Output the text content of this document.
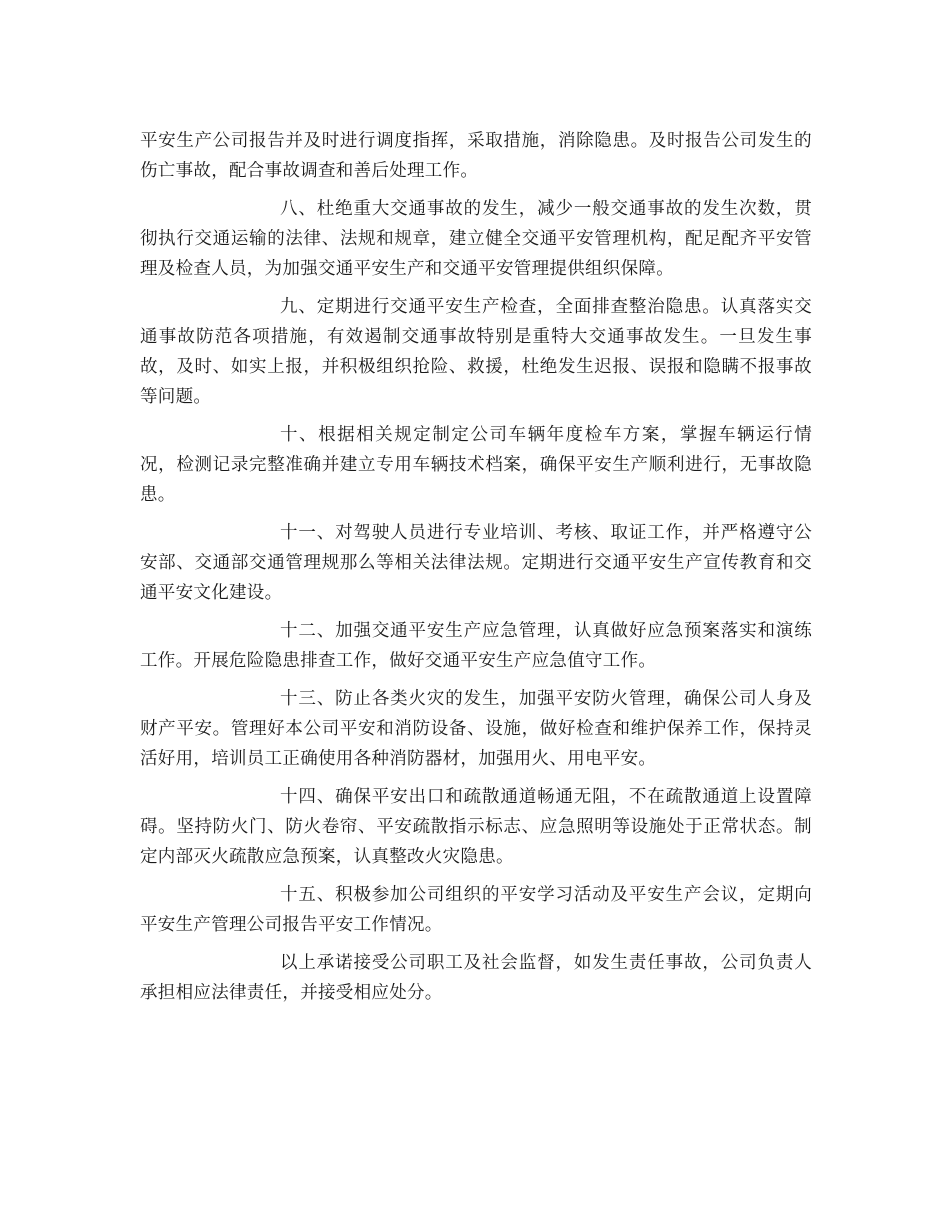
平安生产公司报告并及时进行调度指挥，采取措施，消除隐患。及时报告公司发生的伤亡事故，配合事故调查和善后处理工作。

八、杜绝重大交通事故的发生，减少一般交通事故的发生次数，贯彻执行交通运输的法律、法规和规章，建立健全交通平安管理机构，配足配齐平安管理及检查人员，为加强交通平安生产和交通平安管理提供组织保障。

九、定期进行交通平安生产检查，全面排查整治隐患。认真落实交通事故防范各项措施，有效遏制交通事故特别是重特大交通事故发生。一旦发生事故，及时、如实上报，并积极组织抢险、救援，杜绝发生迟报、误报和隐瞒不报事故等问题。

十、根据相关规定制定公司车辆年度检车方案，掌握车辆运行情况，检测记录完整准确并建立专用车辆技术档案，确保平安生产顺利进行，无事故隐患。

十一、对驾驶人员进行专业培训、考核、取证工作，并严格遵守公安部、交通部交通管理规那么等相关法律法规。定期进行交通平安生产宣传教育和交通平安文化建设。

十二、加强交通平安生产应急管理，认真做好应急预案落实和演练工作。开展危险隐患排查工作，做好交通平安生产应急值守工作。

十三、防止各类火灾的发生，加强平安防火管理，确保公司人身及财产平安。管理好本公司平安和消防设备、设施，做好检查和维护保养工作，保持灵活好用，培训员工正确使用各种消防器材，加强用火、用电平安。

十四、确保平安出口和疏散通道畅通无阻，不在疏散通道上设置障碍。坚持防火门、防火卷帘、平安疏散指示标志、应急照明等设施处于正常状态。制定内部灭火疏散应急预案，认真整改火灾隐患。

十五、积极参加公司组织的平安学习活动及平安生产会议，定期向平安生产管理公司报告平安工作情况。

以上承诺接受公司职工及社会监督，如发生责任事故，公司负责人承担相应法律责任，并接受相应处分。
